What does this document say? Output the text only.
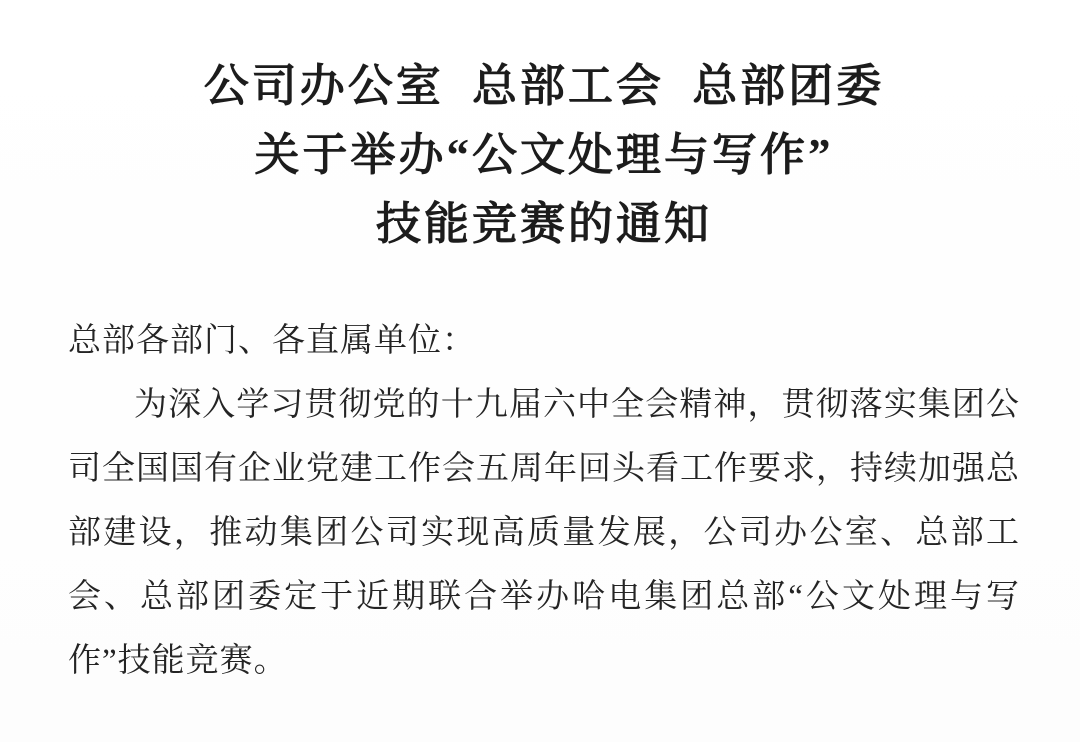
公司办公室 总部工会 总部团委
关于举办“公文处理与写作”
技能竞赛的通知
总部各部门、各直属单位：

为深入学习贯彻党的十九届六中全会精神，贯彻落实集团公司全国国有企业党建工作会五周年回头看工作要求，持续加强总部建设，推动集团公司实现高质量发展，公司办公室、总部工会、总部团委定于近期联合举办哈电集团总部“公文处理与写作”技能竞赛。
